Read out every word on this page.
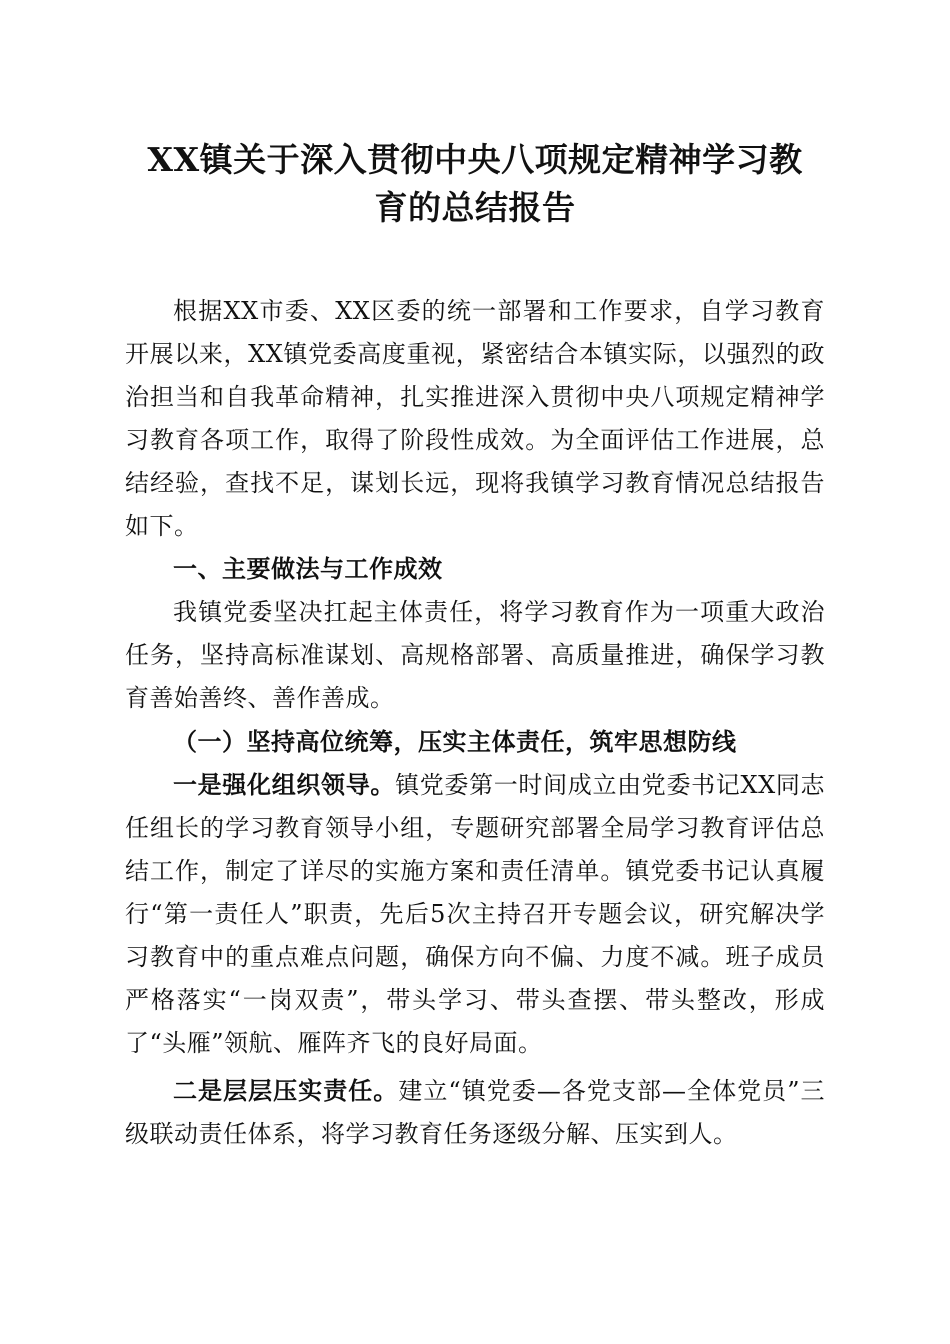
XX镇关于深入贯彻中央八项规定精神学习教
育的总结报告

根据XX市委、XX区委的统一部署和工作要求，自学习教育开展以来，XX镇党委高度重视，紧密结合本镇实际，以强烈的政治担当和自我革命精神，扎实推进深入贯彻中央八项规定精神学习教育各项工作，取得了阶段性成效。为全面评估工作进展，总结经验，查找不足，谋划长远，现将我镇学习教育情况总结报告如下。

一、主要做法与工作成效

我镇党委坚决扛起主体责任，将学习教育作为一项重大政治任务，坚持高标准谋划、高规格部署、高质量推进，确保学习教育善始善终、善作善成。

（一）坚持高位统筹，压实主体责任，筑牢思想防线

一是强化组织领导。镇党委第一时间成立由党委书记XX同志任组长的学习教育领导小组，专题研究部署全局学习教育评估总结工作，制定了详尽的实施方案和责任清单。镇党委书记认真履行“第一责任人”职责，先后5次主持召开专题会议，研究解决学习教育中的重点难点问题，确保方向不偏、力度不减。班子成员严格落实“一岗双责”，带头学习、带头查摆、带头整改，形成了“头雁”领航、雁阵齐飞的良好局面。

二是层层压实责任。建立“镇党委—各党支部—全体党员”三级联动责任体系，将学习教育任务逐级分解、压实到人。
